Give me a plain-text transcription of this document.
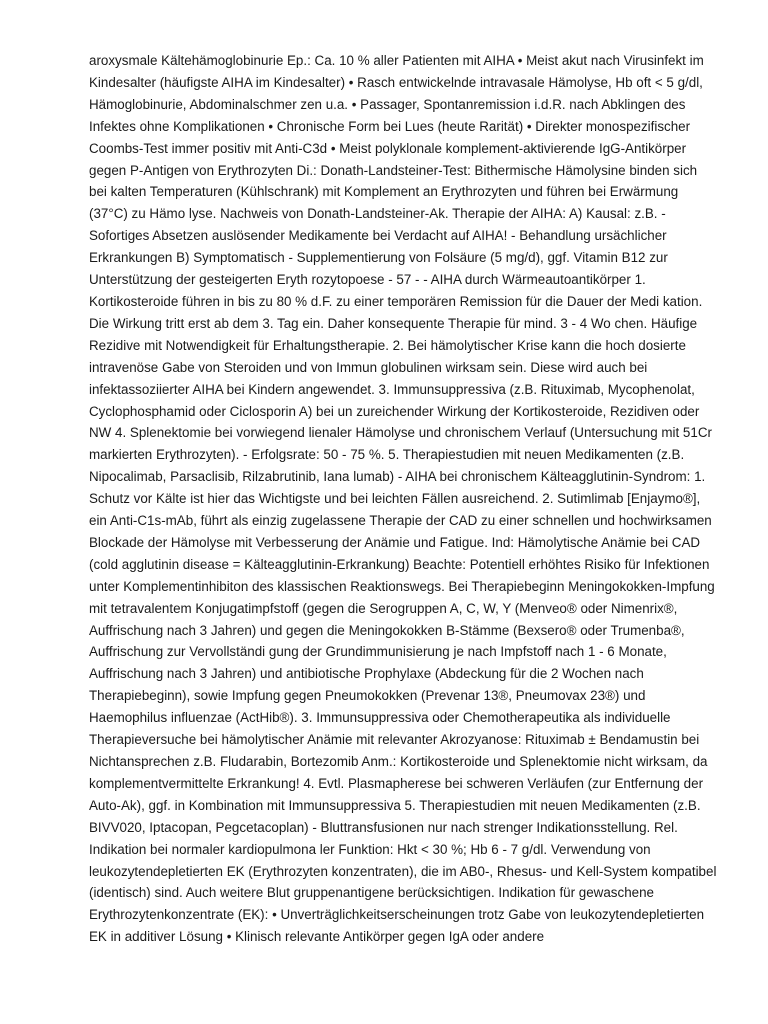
aroxysmale Kältehämoglobinurie Ep.: Ca. 10 % aller Patienten mit AIHA • Meist akut nach Virusinfekt im Kindesalter (häufigste AIHA im Kindesalter) • Rasch entwickelnde intravasale Hämolyse, Hb oft < 5 g/dl, Hämoglobinurie, Abdominalschmer zen u.a. • Passager, Spontanremission i.d.R. nach Abklingen des Infektes ohne Komplikationen • Chronische Form bei Lues (heute Rarität) • Direkter monospezifischer Coombs-Test immer positiv mit Anti-C3d • Meist polyklonale komplement-aktivierende IgG-Antikörper gegen P-Antigen von Erythrozyten Di.: Donath-Landsteiner-Test: Bithermische Hämolysine binden sich bei kalten Temperaturen (Kühlschrank) mit Komplement an Erythrozyten und führen bei Erwärmung (37°C) zu Hämo lyse. Nachweis von Donath-Landsteiner-Ak. Therapie der AIHA: A) Kausal: z.B. - Sofortiges Absetzen auslösender Medikamente bei Verdacht auf AIHA! - Behandlung ursächlicher Erkrankungen B) Symptomatisch - Supplementierung von Folsäure (5 mg/d), ggf. Vitamin B12 zur Unterstützung der gesteigerten Eryth rozytopoese - 57 - - AIHA durch Wärmeautoantikörper 1. Kortikosteroide führen in bis zu 80 % d.F. zu einer temporären Remission für die Dauer der Medi kation. Die Wirkung tritt erst ab dem 3. Tag ein. Daher konsequente Therapie für mind. 3 - 4 Wo chen. Häufige Rezidive mit Notwendigkeit für Erhaltungstherapie. 2. Bei hämolytischer Krise kann die hoch dosierte intravenöse Gabe von Steroiden und von Immun globulinen wirksam sein. Diese wird auch bei infektassoziierter AIHA bei Kindern angewendet. 3. Immunsuppressiva (z.B. Rituximab, Mycophenolat, Cyclophosphamid oder Ciclosporin A) bei un zureichender Wirkung der Kortikosteroide, Rezidiven oder NW 4. Splenektomie bei vorwiegend lienaler Hämolyse und chronischem Verlauf (Untersuchung mit 51Cr markierten Erythrozyten). - Erfolgsrate: 50 - 75 %. 5. Therapiestudien mit neuen Medikamenten (z.B. Nipocalimab, Parsaclisib, Rilzabrutinib, Iana lumab) - AIHA bei chronischem Kälteagglutinin-Syndrom: 1. Schutz vor Kälte ist hier das Wichtigste und bei leichten Fällen ausreichend. 2. Sutimlimab [Enjaymo®], ein Anti-C1s-mAb, führt als einzig zugelassene Therapie der CAD zu einer schnellen und hochwirksamen Blockade der Hämolyse mit Verbesserung der Anämie und Fatigue. Ind: Hämolytische Anämie bei CAD (cold agglutinin disease = Kälteagglutinin-Erkrankung) Beachte: Potentiell erhöhtes Risiko für Infektionen unter Komplementinhibiton des klassischen Reaktionswegs. Bei Therapiebeginn Meningokokken-Impfung mit tetravalentem Konjugatimpfstoff (gegen die Serogruppen A, C, W, Y (Menveo® oder Nimenrix®, Auffrischung nach 3 Jahren) und gegen die Meningokokken B-Stämme (Bexsero® oder Trumenba®, Auffrischung zur Vervollständi gung der Grundimmunisierung je nach Impfstoff nach 1 - 6 Monate, Auffrischung nach 3 Jahren) und antibiotische Prophylaxe (Abdeckung für die 2 Wochen nach Therapiebeginn), sowie Impfung gegen Pneumokokken (Prevenar 13®, Pneumovax 23®) und Haemophilus influenzae (ActHib®). 3. Immunsuppressiva oder Chemotherapeutika als individuelle Therapieversuche bei hämolytischer Anämie mit relevanter Akrozyanose: Rituximab ± Bendamustin bei Nichtansprechen z.B. Fludarabin, Bortezomib Anm.: Kortikosteroide und Splenektomie nicht wirksam, da komplementvermittelte Erkrankung! 4. Evtl. Plasmapherese bei schweren Verläufen (zur Entfernung der Auto-Ak), ggf. in Kombination mit Immunsuppressiva 5. Therapiestudien mit neuen Medikamenten (z.B. BIVV020, Iptacopan, Pegcetacoplan) - Bluttransfusionen nur nach strenger Indikationsstellung. Rel. Indikation bei normaler kardiopulmona ler Funktion: Hkt < 30 %; Hb 6 - 7 g/dl. Verwendung von leukozytendepletierten EK (Erythrozyten konzentraten), die im AB0-, Rhesus- und Kell-System kompatibel (identisch) sind. Auch weitere Blut gruppenantigene berücksichtigen. Indikation für gewaschene Erythrozytenkonzentrate (EK): • Unverträglichkeitserscheinungen trotz Gabe von leukozytendepletierten EK in additiver Lösung • Klinisch relevante Antikörper gegen IgA oder andere
